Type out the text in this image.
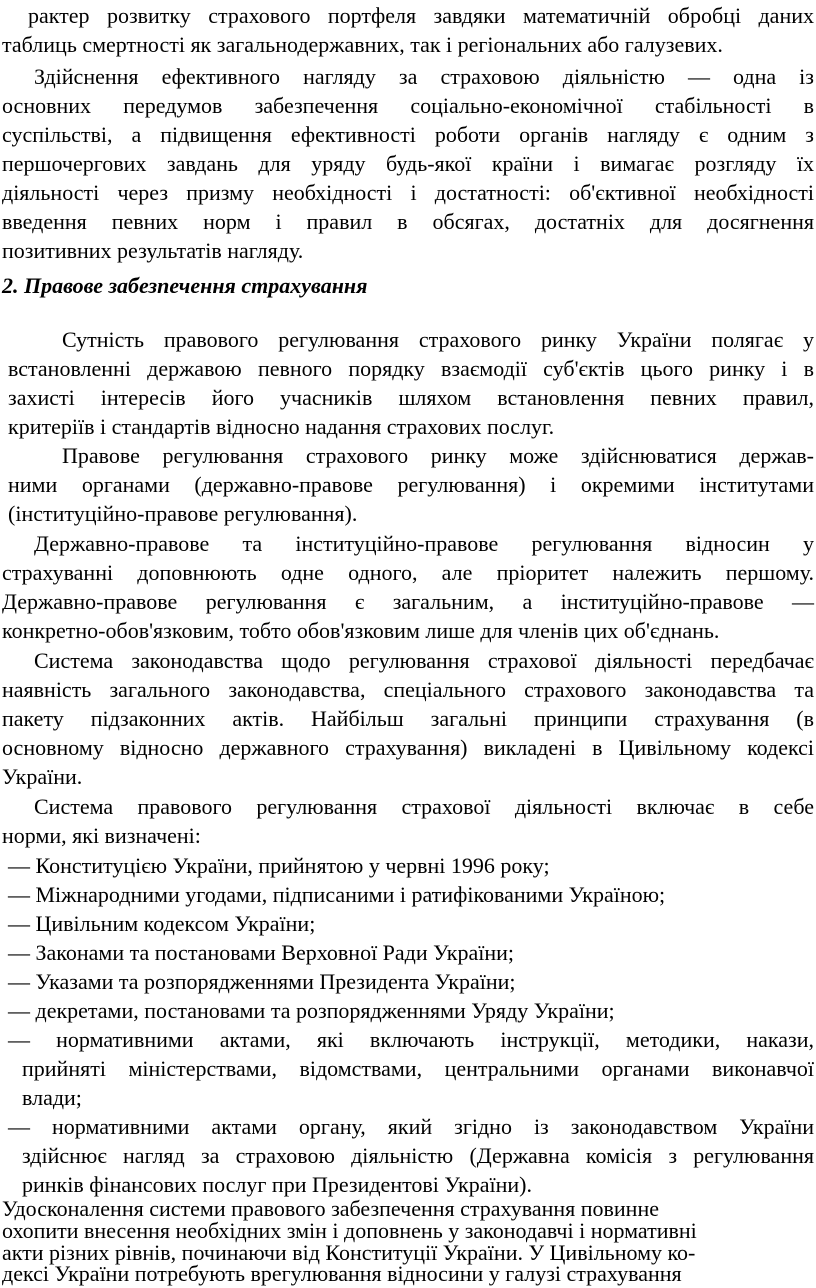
рактер розвитку страхового портфеля завдяки математичній обробці даних
таблиць смертності як загальнодержавних, так і регіональних або галузевих.
Здійснення ефективного нагляду за страховою діяльністю — одна із
основних передумов забезпечення соціально-економічної стабільності в
суспільстві, а підвищення ефективності роботи органів нагляду є одним з
першочергових завдань для уряду будь-якої країни і вимагає розгляду їх
діяльності через призму необхідності і достатності: об'єктивної необхідності
введення певних норм і правил в обсягах, достатніх для досягнення
позитивних результатів нагляду.
2. Правове забезпечення страхування
Сутність правового регулювання страхового ринку України полягає у
встановленні державою певного порядку взаємодії суб'єктів цього ринку і в
захисті інтересів його учасників шляхом встановлення певних правил,
критеріїв і стандартів відносно надання страхових послуг.
Правове регулювання страхового ринку може здійснюватися держав-
ними органами (державно-правове регулювання) і окремими інститутами
(інституційно-правове регулювання).
Державно-правове та інституційно-правове регулювання відносин у
страхуванні доповнюють одне одного, але пріоритет належить першому.
Державно-правове регулювання є загальним, а інституційно-правове —
конкретно-обов'язковим, тобто обов'язковим лише для членів цих об'єднань.
Система законодавства щодо регулювання страхової діяльності передбачає
наявність загального законодавства, спеціального страхового законодавства та
пакету підзаконних актів. Найбільш загальні принципи страхування (в
основному відносно державного страхування) викладені в Цивільному кодексі
України.
Система правового регулювання страхової діяльності включає в себе
норми, які визначені:
— Конституцією України, прийнятою у червні 1996 року;
— Міжнародними угодами, підписаними і ратифікованими Україною;
— Цивільним кодексом України;
— Законами та постановами Верховної Ради України;
— Указами та розпорядженнями Президента України;
— декретами, постановами та розпорядженнями Уряду України;
— нормативними актами, які включають інструкції, методики, накази,
прийняті міністерствами, відомствами, центральними органами виконавчої
влади;
— нормативними актами органу, який згідно із законодавством України
здійснює нагляд за страховою діяльністю (Державна комісія з регулювання
ринків фінансових послуг при Президентові України).
Удосконалення системи правового забезпечення страхування повинне
охопити внесення необхідних змін і доповнень у законодавчі і нормативні
акти різних рівнів, починаючи від Конституції України. У Цивільному ко-
дексі України потребують врегулювання відносини у галузі страхування
